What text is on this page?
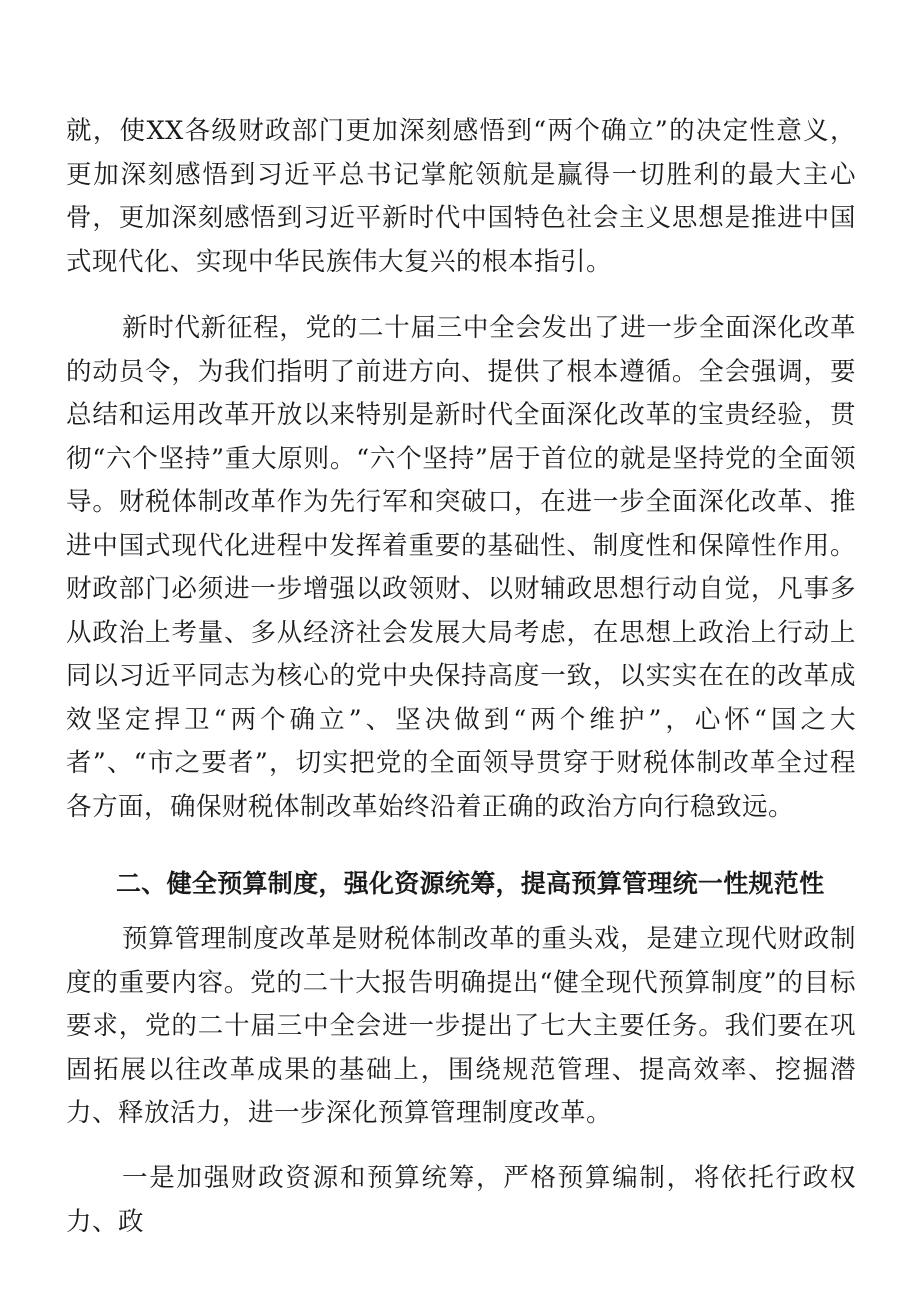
就，使XX各级财政部门更加深刻感悟到“两个确立”的决定性意义，更加深刻感悟到习近平总书记掌舵领航是赢得一切胜利的最大主心骨，更加深刻感悟到习近平新时代中国特色社会主义思想是推进中国式现代化、实现中华民族伟大复兴的根本指引。

新时代新征程，党的二十届三中全会发出了进一步全面深化改革的动员令，为我们指明了前进方向、提供了根本遵循。全会强调，要总结和运用改革开放以来特别是新时代全面深化改革的宝贵经验，贯彻“六个坚持”重大原则。“六个坚持”居于首位的就是坚持党的全面领导。财税体制改革作为先行军和突破口，在进一步全面深化改革、推进中国式现代化进程中发挥着重要的基础性、制度性和保障性作用。财政部门必须进一步增强以政领财、以财辅政思想行动自觉，凡事多从政治上考量、多从经济社会发展大局考虑，在思想上政治上行动上同以习近平同志为核心的党中央保持高度一致，以实实在在的改革成效坚定捍卫“两个确立”、坚决做到“两个维护”，心怀“国之大者”、“市之要者”，切实把党的全面领导贯穿于财税体制改革全过程各方面，确保财税体制改革始终沿着正确的政治方向行稳致远。

二、健全预算制度，强化资源统筹，提高预算管理统一性规范性

预算管理制度改革是财税体制改革的重头戏，是建立现代财政制度的重要内容。党的二十大报告明确提出“健全现代预算制度”的目标要求，党的二十届三中全会进一步提出了七大主要任务。我们要在巩固拓展以往改革成果的基础上，围绕规范管理、提高效率、挖掘潜力、释放活力，进一步深化预算管理制度改革。

一是加强财政资源和预算统筹，严格预算编制，将依托行政权力、政
